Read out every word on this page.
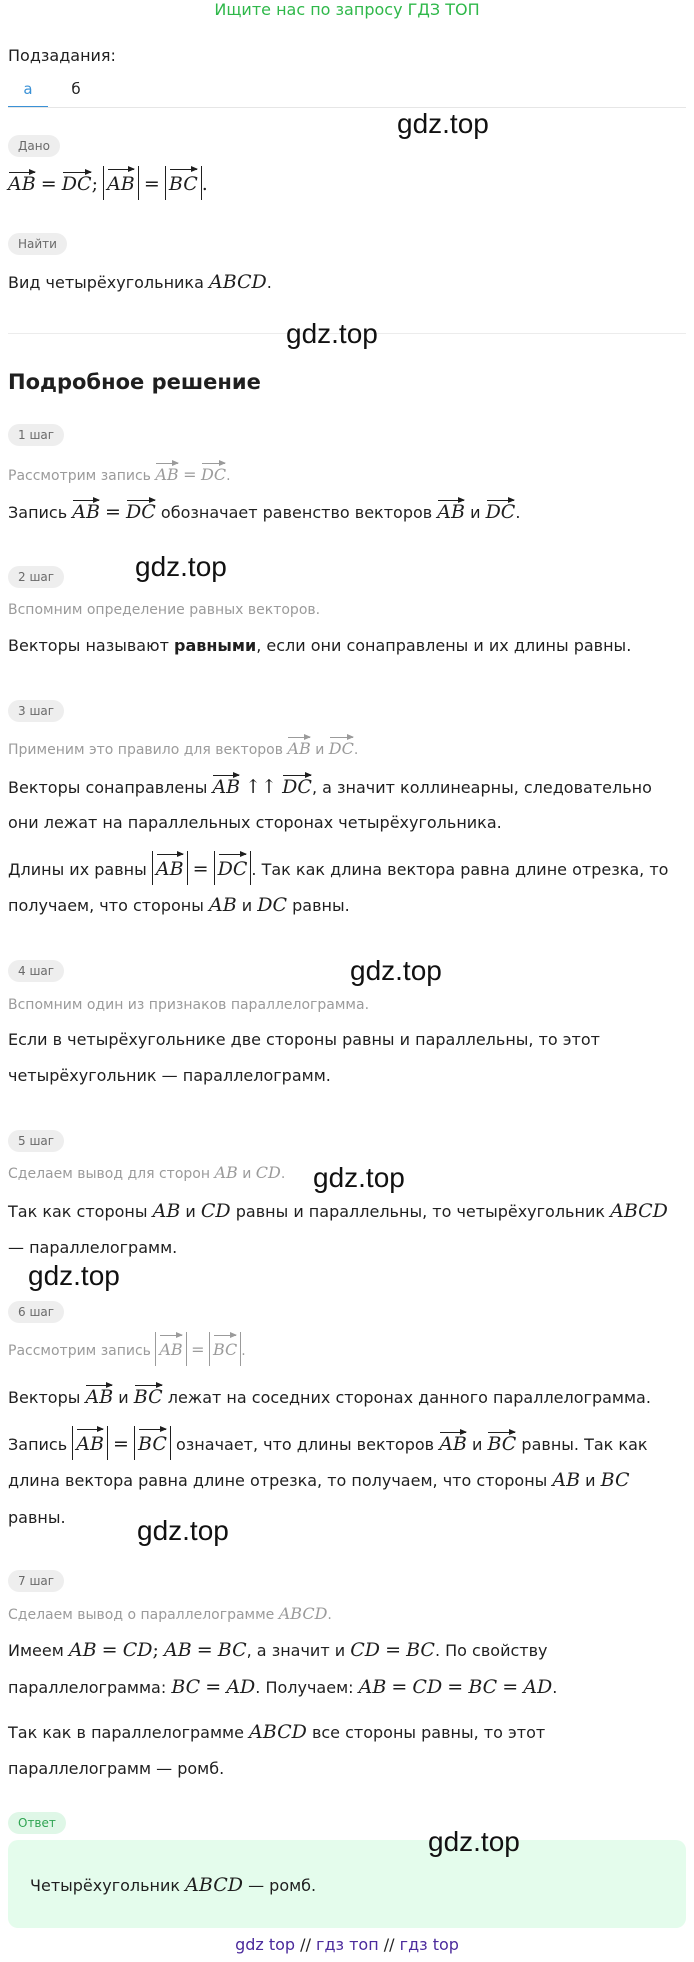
Ищите нас по запросу ГДЗ ТОП
Подзадания:
а	б
Дано
gdz.top
AB = DC; AB = BC .
Найти
Вид четырёхугольника ABCD.
gdz.top
Подробное решение
1 шаг
Рассмотрим запись AB = DC.
Запись AB = DC обозначает равенство векторов AB и DC.
2 шаг	gdz.top
Вспомним определение равных векторов.
Векторы называют равными, если они сонаправлены и их длины равны.
3 шаг
Применим это правило для векторов AB и DC.
Векторы сонаправлены AB ↑↑ DC, а значит коллинеарны, следовательно
они лежат на параллельных сторонах четырёхугольника.
Длины их равны AB = DC . Так как длина вектора равна длине отрезка, то
получаем, что стороны AB и DC равны.
4 шаг	gdz.top
Вспомним один из признаков параллелограмма.
Если в четырёхугольнике две стороны равны и параллельны, то этот
четырёхугольник — параллелограмм.
5 шаг
Сделаем вывод для сторон AB и CD. gdz.top
Так как стороны AB и CD равны и параллельны, то четырёхугольник ABCD
— параллелограмм.
gdz.top
6 шаг
Рассмотрим запись AB = BC .
Векторы AB и BC лежат на соседних сторонах данного параллелограмма.
Запись AB = BC означает, что длины векторов AB и BC равны. Так как
длина вектора равна длине отрезка, то получаем, что стороны AB и BC
равны.	gdz.top
7 шаг
Сделаем вывод о параллелограмме ABCD.
Имеем AB = CD; AB = BC, а значит и CD = BC. По свойству
параллелограмма: BC = AD. Получаем: AB = CD = BC = AD.
Так как в параллелограмме ABCD все стороны равны, то этот
параллелограмм — ромб.
Ответ
gdz.top
Четырёхугольник ABCD — ромб.
gdz top // гдз топ // гдз top
